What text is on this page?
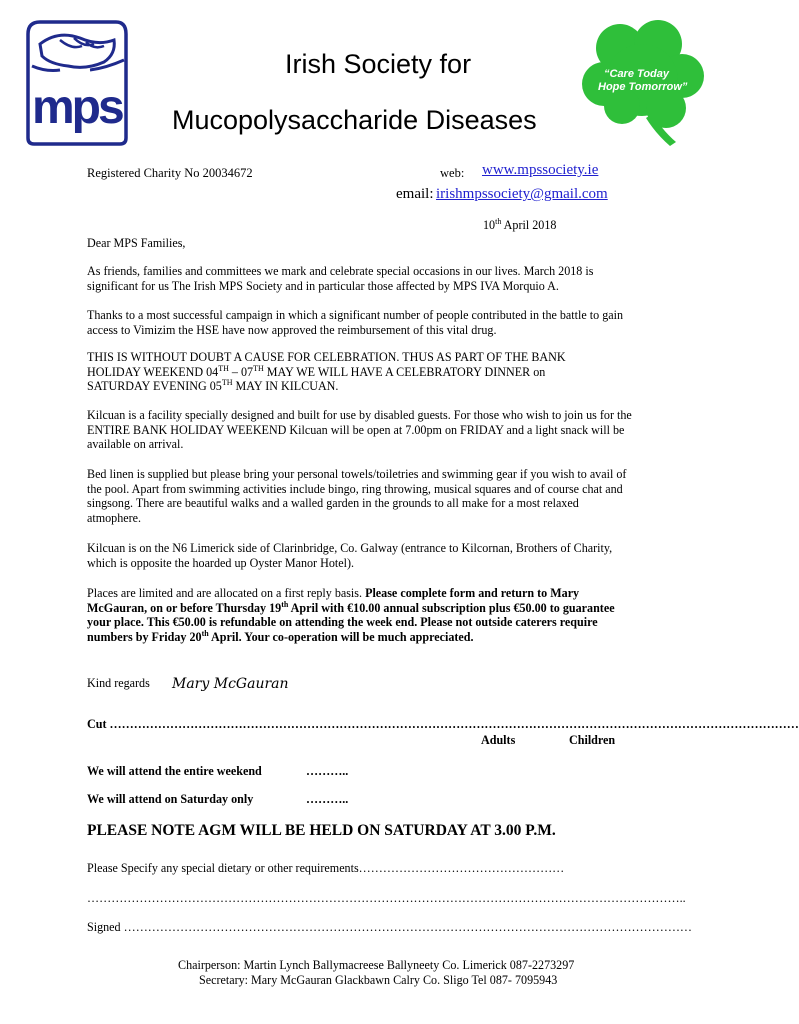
mps
Irish Society for
Mucopolysaccharide Diseases
“Care Today
Hope Tomorrow”
Registered Charity No 20034672	web: www.mpssociety.ie
email: irishmpssociety@gmail.com
10th April 2018
Dear MPS Families,
As friends, families and committees we mark and celebrate special occasions in our lives. March 2018 is significant for us The Irish MPS Society and in particular those affected by MPS IVA Morquio A.
Thanks to a most successful campaign in which a significant number of people contributed in the battle to gain access to Vimizim the HSE have now approved the reimbursement of this vital drug.
THIS IS WITHOUT DOUBT A CAUSE FOR CELEBRATION. THUS AS PART OF THE BANK HOLIDAY WEEKEND 04TH – 07TH MAY WE WILL HAVE A CELEBRATORY DINNER on SATURDAY EVENING 05TH MAY IN KILCUAN.
Kilcuan is a facility specially designed and built for use by disabled guests. For those who wish to join us for the ENTIRE BANK HOLIDAY WEEKEND Kilcuan will be open at 7.00pm on FRIDAY and a light snack will be available on arrival.
Bed linen is supplied but please bring your personal towels/toiletries and swimming gear if you wish to avail of the pool. Apart from swimming activities include bingo, ring throwing, musical squares and of course chat and singsong. There are beautiful walks and a walled garden in the grounds to all make for a most relaxed atmophere.
Kilcuan is on the N6 Limerick side of Clarinbridge, Co. Galway (entrance to Kilcornan, Brothers of Charity, which is opposite the hoarded up Oyster Manor Hotel).
Places are limited and are allocated on a first reply basis. Please complete form and return to Mary McGauran, on or before Thursday 19th April with €10.00 annual subscription plus €50.00 to guarantee your place. This €50.00 is refundable on attending the week end. Please not outside caterers require numbers by Friday 20th April. Your co-operation will be much appreciated.
Kind regards Mary McGauran
Cut ………………………………………………………………………………………………………………………………………………………
Adults	Children
We will attend the entire weekend	………..
We will attend on Saturday only	………..
PLEASE NOTE AGM WILL BE HELD ON SATURDAY AT 3.00 P.M.
Please Specify any special dietary or other requirements……………………………………………
…………………………………………………………………………………………………………………………………..
Signed ……………………………………………………………………………………………………………………………
Chairperson: Martin Lynch Ballymacreese Ballyneety Co. Limerick 087-2273297
Secretary: Mary McGauran Glackbawn Calry Co. Sligo Tel 087- 7095943
